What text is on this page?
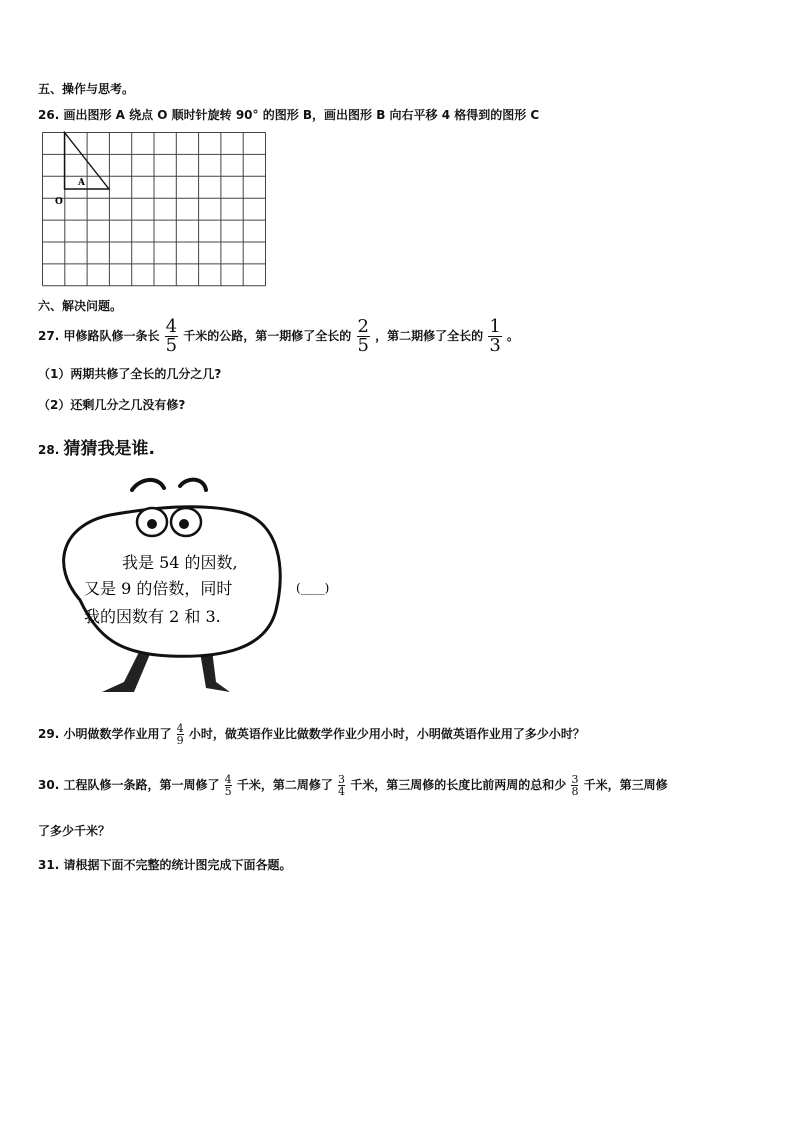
五、操作与思考。
26. 画出图形 A 绕点 O 顺时针旋转 90° 的图形 B，画出图形 B 向右平移 4 格得到的图形 C
A
O
六、解决问题。
27. 甲修路队修一条长 $\frac{4}{5}$ 千米的公路，第一期修了全长的 $\frac{2}{5}$ ，第二期修了全长的 $\frac{1}{3}$ 。
（1）两期共修了全长的几分之几?
（2）还剩几分之几没有修?
28. 猜猜我是谁.
我是 54 的因数,
又是 9 的倍数，同时
我的因数有 2 和 3.
(____)
29. 小明做数学作业用了 $\frac{4}{9}$ 小时，做英语作业比做数学作业少用小时，小明做英语作业用了多少小时？
30. 工程队修一条路，第一周修了 $\frac{4}{5}$ 千米，第二周修了 $\frac{3}{4}$ 千米，第三周修的长度比前两周的总和少 $\frac{3}{8}$ 千米，第三周修
了多少千米？
31. 请根据下面不完整的统计图完成下面各题。
